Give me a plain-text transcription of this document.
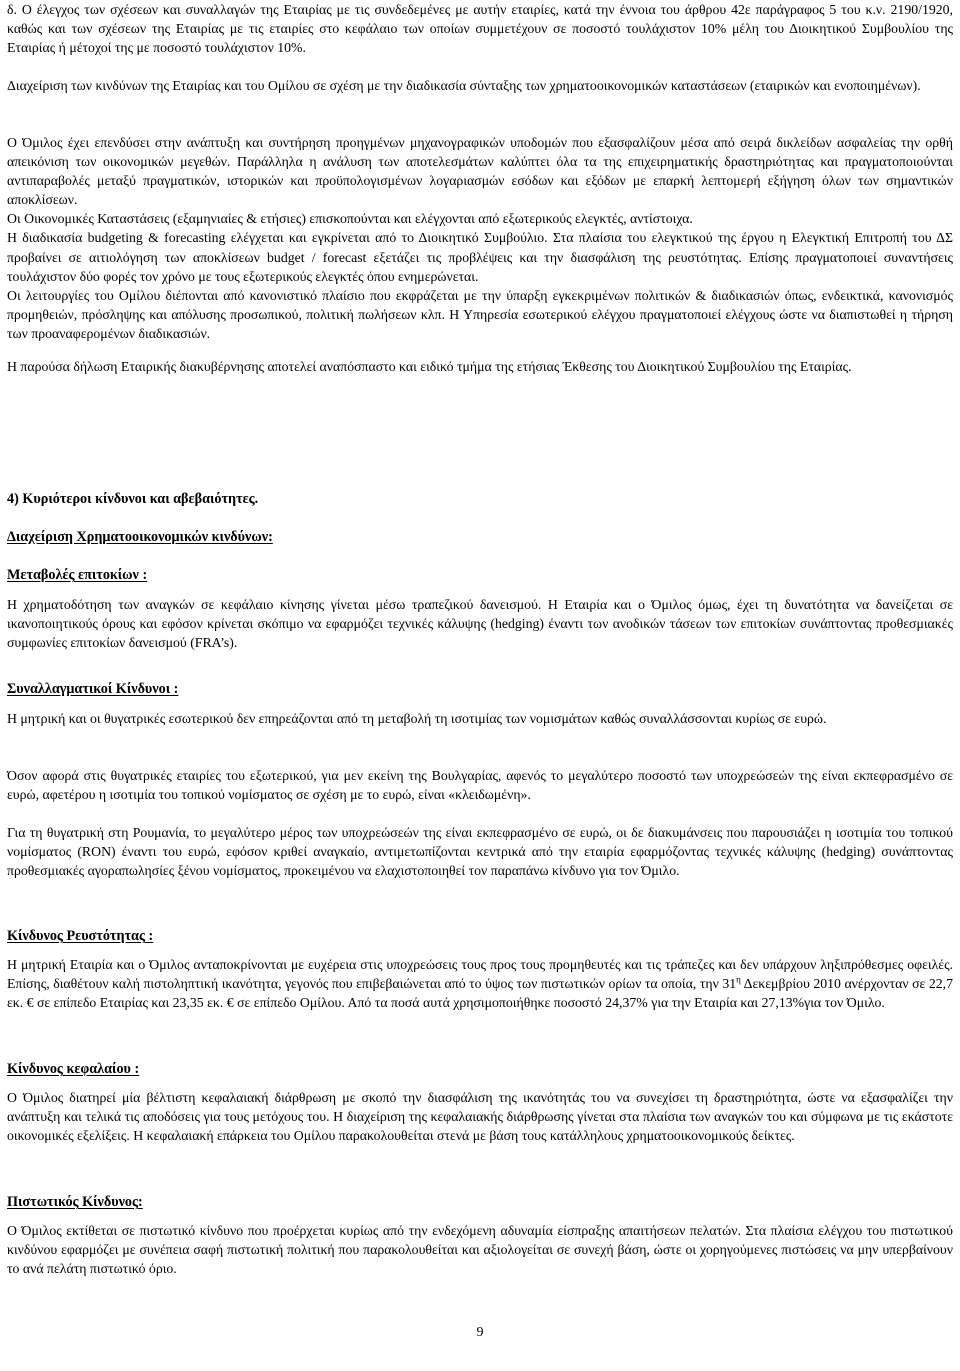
δ. Ο έλεγχος των σχέσεων και συναλλαγών της Εταιρίας με τις συνδεδεμένες με αυτήν εταιρίες, κατά την έννοια του άρθρου 42ε παράγραφος 5 του κ.ν. 2190/1920, καθώς και των σχέσεων της Εταιρίας με τις εταιρίες στο κεφάλαιο των οποίων συμμετέχουν σε ποσοστό τουλάχιστον 10% μέλη του Διοικητικού Συμβουλίου της Εταιρίας ή μέτοχοί της με ποσοστό τουλάχιστον 10%.

Διαχείριση των κινδύνων της Εταιρίας και του Ομίλου σε σχέση με την διαδικασία σύνταξης των χρηματοοικονομικών καταστάσεων (εταιρικών και ενοποιημένων).

Ο Όμιλος έχει επενδύσει στην ανάπτυξη και συντήρηση προηγμένων μηχανογραφικών υποδομών που εξασφαλίζουν μέσα από σειρά δικλείδων ασφαλείας την ορθή απεικόνιση των οικονομικών μεγεθών. Παράλληλα η ανάλυση των αποτελεσμάτων καλύπτει όλα τα της επιχειρηματικής δραστηριότητας και πραγματοποιούνται αντιπαραβολές μεταξύ πραγματικών, ιστορικών και προϋπολογισμένων λογαριασμών εσόδων και εξόδων με επαρκή λεπτομερή εξήγηση όλων των σημαντικών αποκλίσεων.

Οι Οικονομικές Καταστάσεις (εξαμηνιαίες & ετήσιες) επισκοπούνται και ελέγχονται από εξωτερικούς ελεγκτές, αντίστοιχα.

Η διαδικασία budgeting & forecasting ελέγχεται και εγκρίνεται από το Διοικητικό Συμβούλιο. Στα πλαίσια του ελεγκτικού της έργου η Ελεγκτική Επιτροπή του ΔΣ προβαίνει σε αιτιολόγηση των αποκλίσεων budget / forecast εξετάζει τις προβλέψεις και την διασφάλιση της ρευστότητας. Επίσης πραγματοποιεί συναντήσεις τουλάχιστον δύο φορές τον χρόνο με τους εξωτερικούς ελεγκτές όπου ενημερώνεται.

Οι λειτουργίες του Ομίλου διέπονται από κανονιστικό πλαίσιο που εκφράζεται με την ύπαρξη εγκεκριμένων πολιτικών & διαδικασιών όπως, ενδεικτικά, κανονισμός προμηθειών, πρόσληψης και απόλυσης προσωπικού, πολιτική πωλήσεων κλπ. Η Υπηρεσία εσωτερικού ελέγχου πραγματοποιεί ελέγχους ώστε να διαπιστωθεί η τήρηση των προαναφερομένων διαδικασιών.

Η παρούσα δήλωση Εταιρικής διακυβέρνησης αποτελεί αναπόσπαστο και ειδικό τμήμα της ετήσιας Έκθεσης του Διοικητικού Συμβουλίου της Εταιρίας.

4) Κυριότεροι κίνδυνοι και αβεβαιότητες.

Διαχείριση Χρηματοοικονομικών κινδύνων:

Μεταβολές επιτοκίων :

Η χρηματοδότηση των αναγκών σε κεφάλαιο κίνησης γίνεται μέσω τραπεζικού δανεισμού. Η Εταιρία και ο Όμιλος όμως, έχει τη δυνατότητα να δανείζεται σε ικανοποιητικούς όρους και εφόσον κρίνεται σκόπιμο να εφαρμόζει τεχνικές κάλυψης (hedging) έναντι των ανοδικών τάσεων των επιτοκίων συνάπτοντας προθεσμιακές συμφωνίες επιτοκίων δανεισμού (FRA’s).

Συναλλαγματικοί Κίνδυνοι :

Η μητρική και οι θυγατρικές εσωτερικού δεν επηρεάζονται από τη μεταβολή τη ισοτιμίας των νομισμάτων καθώς συναλλάσσονται κυρίως σε ευρώ.

Όσον αφορά στις θυγατρικές εταιρίες του εξωτερικού, για μεν εκείνη της Βουλγαρίας, αφενός το μεγαλύτερο ποσοστό των υποχρεώσεών της είναι εκπεφρασμένο σε ευρώ, αφετέρου η ισοτιμία του τοπικού νομίσματος σε σχέση με το ευρώ, είναι «κλειδωμένη».

Για τη θυγατρική στη Ρουμανία, το μεγαλύτερο μέρος των υποχρεώσεών της είναι εκπεφρασμένο σε ευρώ, οι δε διακυμάνσεις που παρουσιάζει η ισοτιμία του τοπικού νομίσματος (RON) έναντι του ευρώ, εφόσον κριθεί αναγκαίο, αντιμετωπίζονται κεντρικά από την εταιρία εφαρμόζοντας τεχνικές κάλυψης (hedging) συνάπτοντας προθεσμιακές αγοραπωλησίες ξένου νομίσματος, προκειμένου να ελαχιστοποιηθεί τον παραπάνω κίνδυνο για τον Όμιλο.

Κίνδυνος Ρευστότητας :

Η μητρική Εταιρία και ο Όμιλος ανταποκρίνονται με ευχέρεια στις υποχρεώσεις τους προς τους προμηθευτές και τις τράπεζες και δεν υπάρχουν ληξιπρόθεσμες οφειλές. Επίσης, διαθέτουν καλή πιστοληπτική ικανότητα, γεγονός που επιβεβαιώνεται από το ύψος των πιστωτικών ορίων τα οποία, την $31^\eta$ Δεκεμβρίου 2010 ανέρχονταν σε 22,7 εκ. € σε επίπεδο Εταιρίας και 23,35 εκ. € σε επίπεδο Ομίλου. Από τα ποσά αυτά χρησιμοποιήθηκε ποσοστό 24,37% για την Εταιρία και 27,13%για τον Όμιλο.

Κίνδυνος κεφαλαίου :

Ο Όμιλος διατηρεί μία βέλτιστη κεφαλαιακή διάρθρωση με σκοπό την διασφάλιση της ικανότητάς του να συνεχίσει τη δραστηριότητα, ώστε να εξασφαλίζει την ανάπτυξη και τελικά τις αποδόσεις για τους μετόχους του. Η διαχείριση της κεφαλαιακής διάρθρωσης γίνεται στα πλαίσια των αναγκών του και σύμφωνα με τις εκάστοτε οικονομικές εξελίξεις. Η κεφαλαιακή επάρκεια του Ομίλου παρακολουθείται στενά με βάση τους κατάλληλους χρηματοοικονομικούς δείκτες.

Πιστωτικός Κίνδυνος:

Ο Όμιλος εκτίθεται σε πιστωτικό κίνδυνο που προέρχεται κυρίως από την ενδεχόμενη αδυναμία είσπραξης απαιτήσεων πελατών. Στα πλαίσια ελέγχου του πιστωτικού κινδύνου εφαρμόζει με συνέπεια σαφή πιστωτική πολιτική που παρακολουθείται και αξιολογείται σε συνεχή βάση, ώστε οι χορηγούμενες πιστώσεις να μην υπερβαίνουν το ανά πελάτη πιστωτικό όριο.

9
